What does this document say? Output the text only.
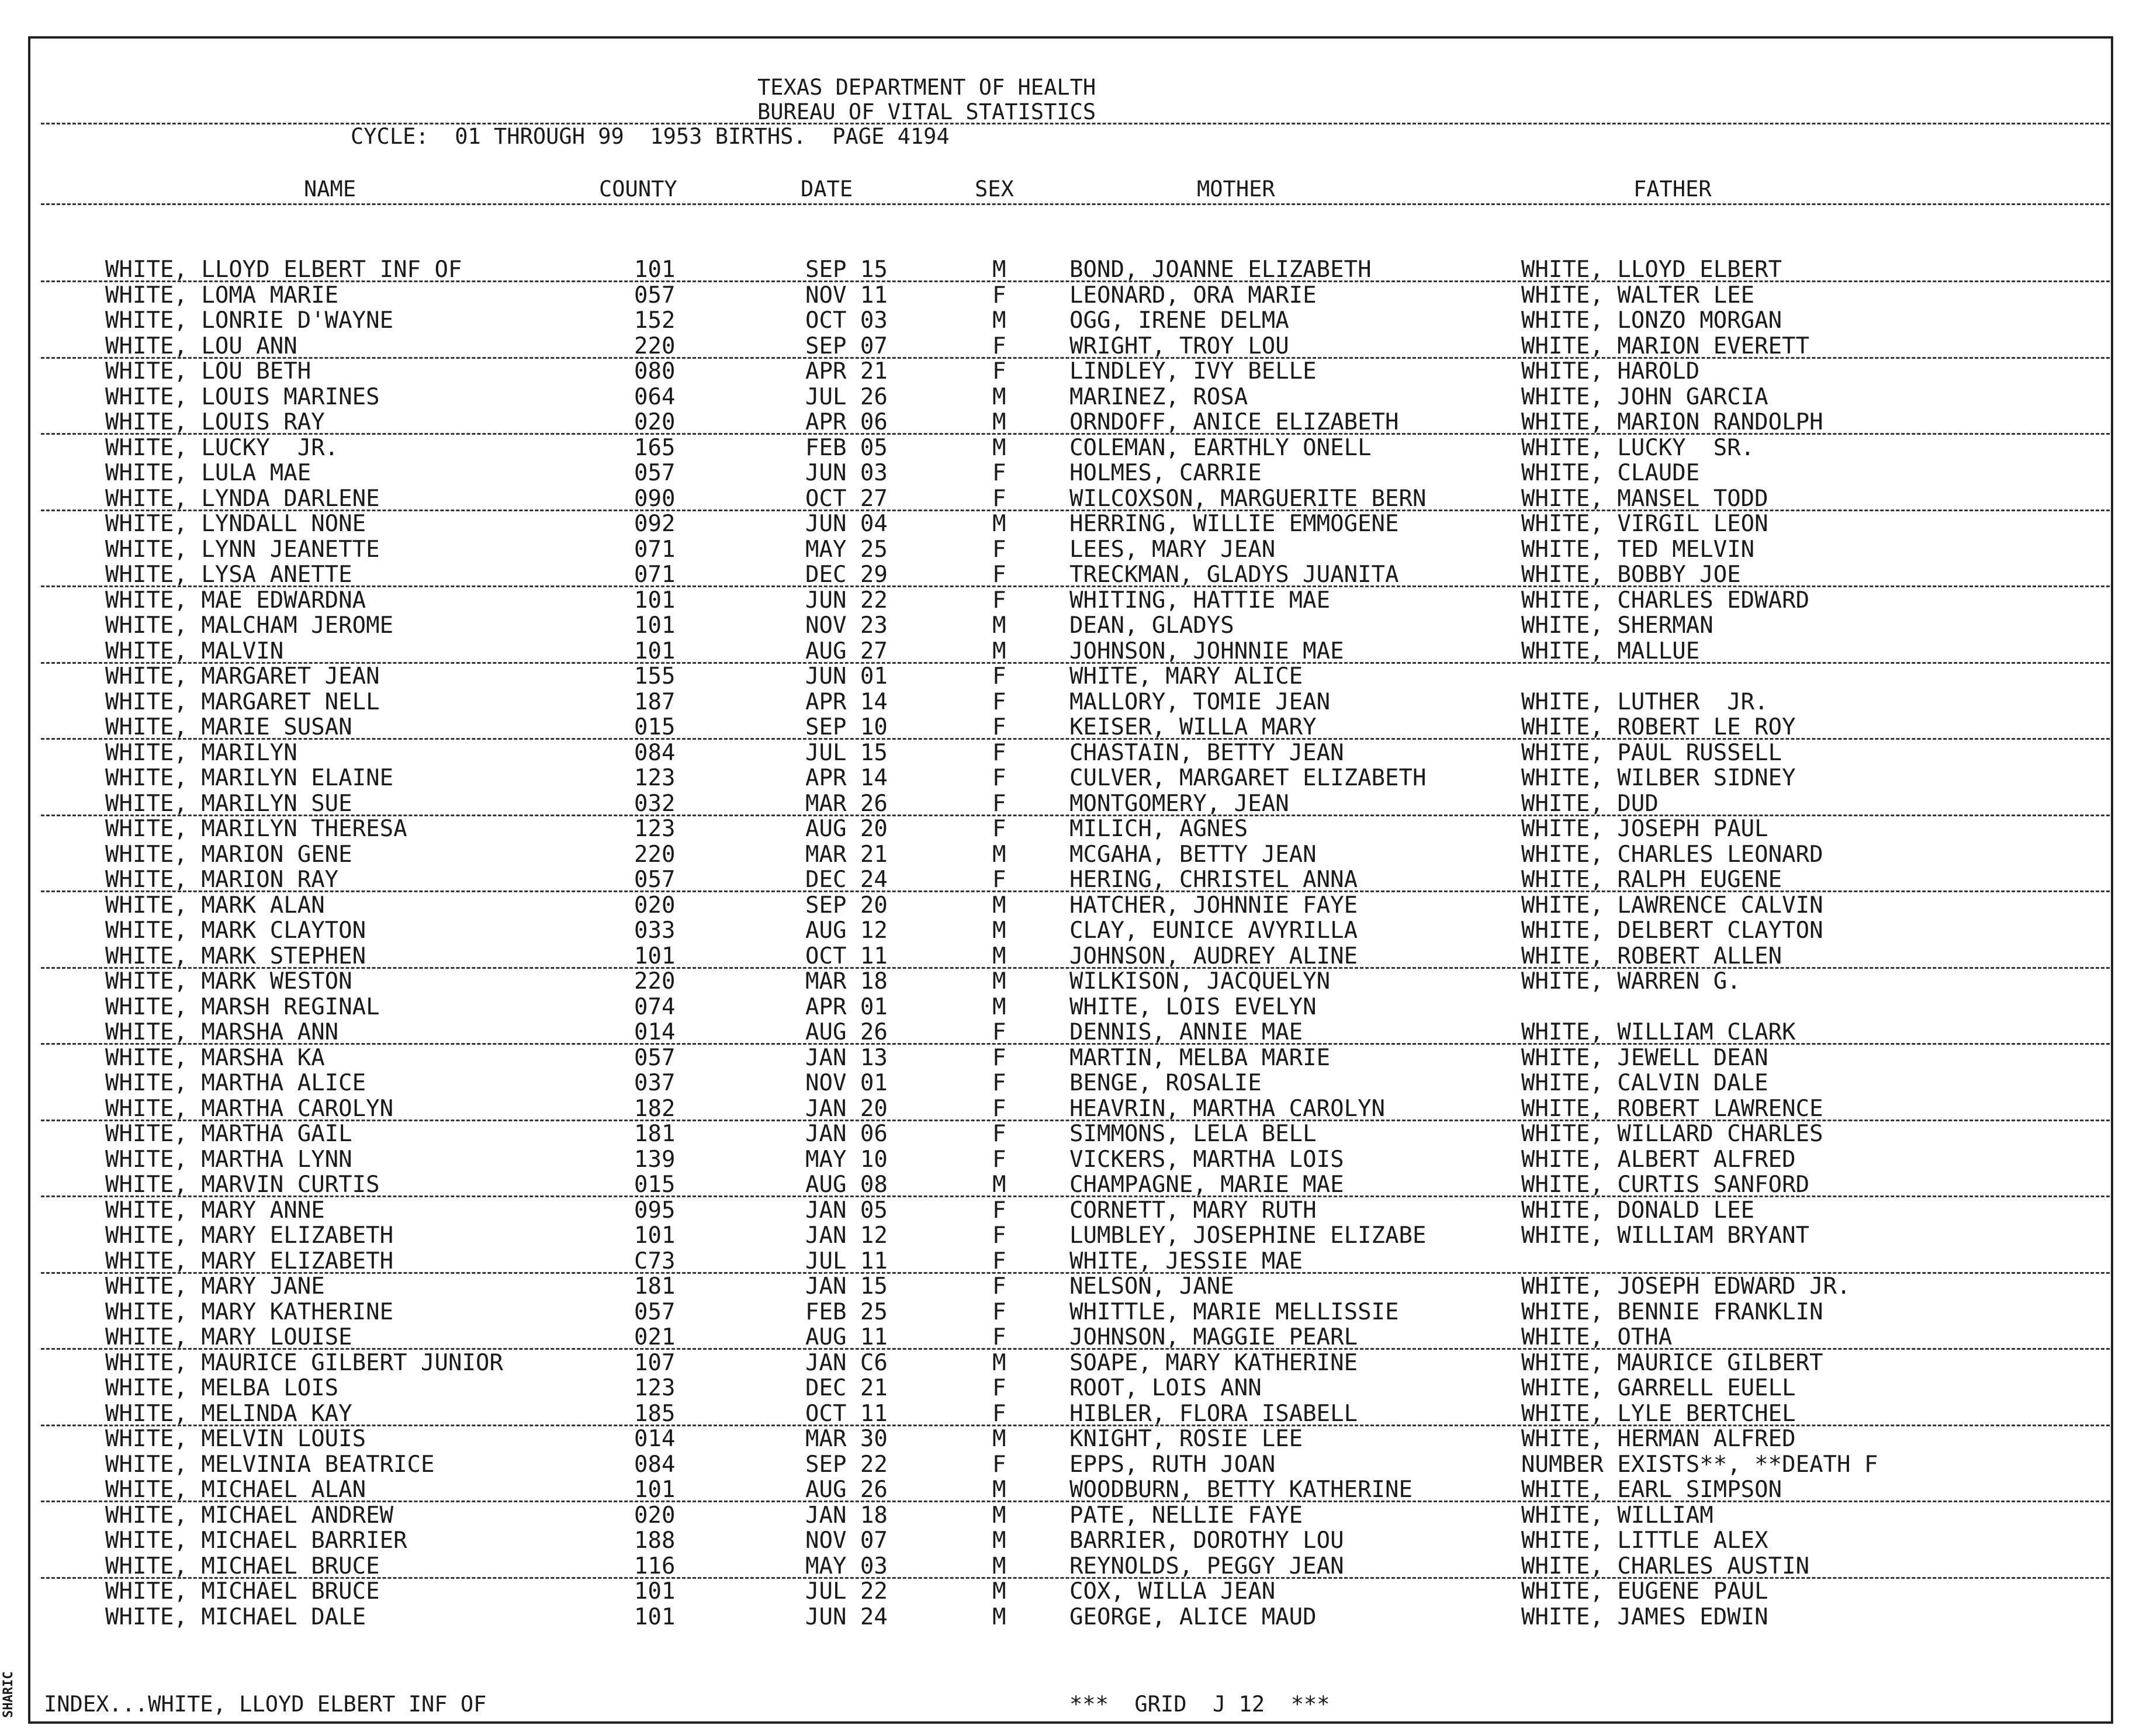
SHARIC
TEXAS DEPARTMENT OF HEALTH
BUREAU OF VITAL STATISTICS
CYCLE:  01 THROUGH 99  1953 BIRTHS.  PAGE 4194
NAME	COUNTY	DATE	SEX	MOTHER	FATHER
WHITE, LLOYD ELBERT INF OF	101	SEP 15	M	BOND, JOANNE ELIZABETH	WHITE, LLOYD ELBERT
WHITE, LOMA MARIE	057	NOV 11	F	LEONARD, ORA MARIE	WHITE, WALTER LEE
WHITE, LONRIE D'WAYNE	152	OCT 03	M	OGG, IRENE DELMA	WHITE, LONZO MORGAN
WHITE, LOU ANN	220	SEP 07	F	WRIGHT, TROY LOU	WHITE, MARION EVERETT
WHITE, LOU BETH	080	APR 21	F	LINDLEY, IVY BELLE	WHITE, HAROLD
WHITE, LOUIS MARINES	064	JUL 26	M	MARINEZ, ROSA	WHITE, JOHN GARCIA
WHITE, LOUIS RAY	020	APR 06	M	ORNDOFF, ANICE ELIZABETH	WHITE, MARION RANDOLPH
WHITE, LUCKY  JR.	165	FEB 05	M	COLEMAN, EARTHLY ONELL	WHITE, LUCKY  SR.
WHITE, LULA MAE	057	JUN 03	F	HOLMES, CARRIE	WHITE, CLAUDE
WHITE, LYNDA DARLENE	090	OCT 27	F	WILCOXSON, MARGUERITE BERN	WHITE, MANSEL TODD
WHITE, LYNDALL NONE	092	JUN 04	M	HERRING, WILLIE EMMOGENE	WHITE, VIRGIL LEON
WHITE, LYNN JEANETTE	071	MAY 25	F	LEES, MARY JEAN	WHITE, TED MELVIN
WHITE, LYSA ANETTE	071	DEC 29	F	TRECKMAN, GLADYS JUANITA	WHITE, BOBBY JOE
WHITE, MAE EDWARDNA	101	JUN 22	F	WHITING, HATTIE MAE	WHITE, CHARLES EDWARD
WHITE, MALCHAM JEROME	101	NOV 23	M	DEAN, GLADYS	WHITE, SHERMAN
WHITE, MALVIN	101	AUG 27	M	JOHNSON, JOHNNIE MAE	WHITE, MALLUE
WHITE, MARGARET JEAN	155	JUN 01	F	WHITE, MARY ALICE
WHITE, MARGARET NELL	187	APR 14	F	MALLORY, TOMIE JEAN	WHITE, LUTHER  JR.
WHITE, MARIE SUSAN	015	SEP 10	F	KEISER, WILLA MARY	WHITE, ROBERT LE ROY
WHITE, MARILYN	084	JUL 15	F	CHASTAIN, BETTY JEAN	WHITE, PAUL RUSSELL
WHITE, MARILYN ELAINE	123	APR 14	F	CULVER, MARGARET ELIZABETH	WHITE, WILBER SIDNEY
WHITE, MARILYN SUE	032	MAR 26	F	MONTGOMERY, JEAN	WHITE, DUD
WHITE, MARILYN THERESA	123	AUG 20	F	MILICH, AGNES	WHITE, JOSEPH PAUL
WHITE, MARION GENE	220	MAR 21	M	MCGAHA, BETTY JEAN	WHITE, CHARLES LEONARD
WHITE, MARION RAY	057	DEC 24	F	HERING, CHRISTEL ANNA	WHITE, RALPH EUGENE
WHITE, MARK ALAN	020	SEP 20	M	HATCHER, JOHNNIE FAYE	WHITE, LAWRENCE CALVIN
WHITE, MARK CLAYTON	033	AUG 12	M	CLAY, EUNICE AVYRILLA	WHITE, DELBERT CLAYTON
WHITE, MARK STEPHEN	101	OCT 11	M	JOHNSON, AUDREY ALINE	WHITE, ROBERT ALLEN
WHITE, MARK WESTON	220	MAR 18	M	WILKISON, JACQUELYN	WHITE, WARREN G.
WHITE, MARSH REGINAL	074	APR 01	M	WHITE, LOIS EVELYN
WHITE, MARSHA ANN	014	AUG 26	F	DENNIS, ANNIE MAE	WHITE, WILLIAM CLARK
WHITE, MARSHA KA	057	JAN 13	F	MARTIN, MELBA MARIE	WHITE, JEWELL DEAN
WHITE, MARTHA ALICE	037	NOV 01	F	BENGE, ROSALIE	WHITE, CALVIN DALE
WHITE, MARTHA CAROLYN	182	JAN 20	F	HEAVRIN, MARTHA CAROLYN	WHITE, ROBERT LAWRENCE
WHITE, MARTHA GAIL	181	JAN 06	F	SIMMONS, LELA BELL	WHITE, WILLARD CHARLES
WHITE, MARTHA LYNN	139	MAY 10	F	VICKERS, MARTHA LOIS	WHITE, ALBERT ALFRED
WHITE, MARVIN CURTIS	015	AUG 08	M	CHAMPAGNE, MARIE MAE	WHITE, CURTIS SANFORD
WHITE, MARY ANNE	095	JAN 05	F	CORNETT, MARY RUTH	WHITE, DONALD LEE
WHITE, MARY ELIZABETH	101	JAN 12	F	LUMBLEY, JOSEPHINE ELIZABE	WHITE, WILLIAM BRYANT
WHITE, MARY ELIZABETH	C73	JUL 11	F	WHITE, JESSIE MAE
WHITE, MARY JANE	181	JAN 15	F	NELSON, JANE	WHITE, JOSEPH EDWARD JR.
WHITE, MARY KATHERINE	057	FEB 25	F	WHITTLE, MARIE MELLISSIE	WHITE, BENNIE FRANKLIN
WHITE, MARY LOUISE	021	AUG 11	F	JOHNSON, MAGGIE PEARL	WHITE, OTHA
WHITE, MAURICE GILBERT JUNIOR	107	JAN C6	M	SOAPE, MARY KATHERINE	WHITE, MAURICE GILBERT
WHITE, MELBA LOIS	123	DEC 21	F	ROOT, LOIS ANN	WHITE, GARRELL EUELL
WHITE, MELINDA KAY	185	OCT 11	F	HIBLER, FLORA ISABELL	WHITE, LYLE BERTCHEL
WHITE, MELVIN LOUIS	014	MAR 30	M	KNIGHT, ROSIE LEE	WHITE, HERMAN ALFRED
WHITE, MELVINIA BEATRICE	084	SEP 22	F	EPPS, RUTH JOAN	NUMBER EXISTS**, **DEATH F
WHITE, MICHAEL ALAN	101	AUG 26	M	WOODBURN, BETTY KATHERINE	WHITE, EARL SIMPSON
WHITE, MICHAEL ANDREW	020	JAN 18	M	PATE, NELLIE FAYE	WHITE, WILLIAM
WHITE, MICHAEL BARRIER	188	NOV 07	M	BARRIER, DOROTHY LOU	WHITE, LITTLE ALEX
WHITE, MICHAEL BRUCE	116	MAY 03	M	REYNOLDS, PEGGY JEAN	WHITE, CHARLES AUSTIN
WHITE, MICHAEL BRUCE	101	JUL 22	M	COX, WILLA JEAN	WHITE, EUGENE PAUL
WHITE, MICHAEL DALE	101	JUN 24	M	GEORGE, ALICE MAUD	WHITE, JAMES EDWIN
INDEX...WHITE, LLOYD ELBERT INF OF	***  GRID  J 12  ***
